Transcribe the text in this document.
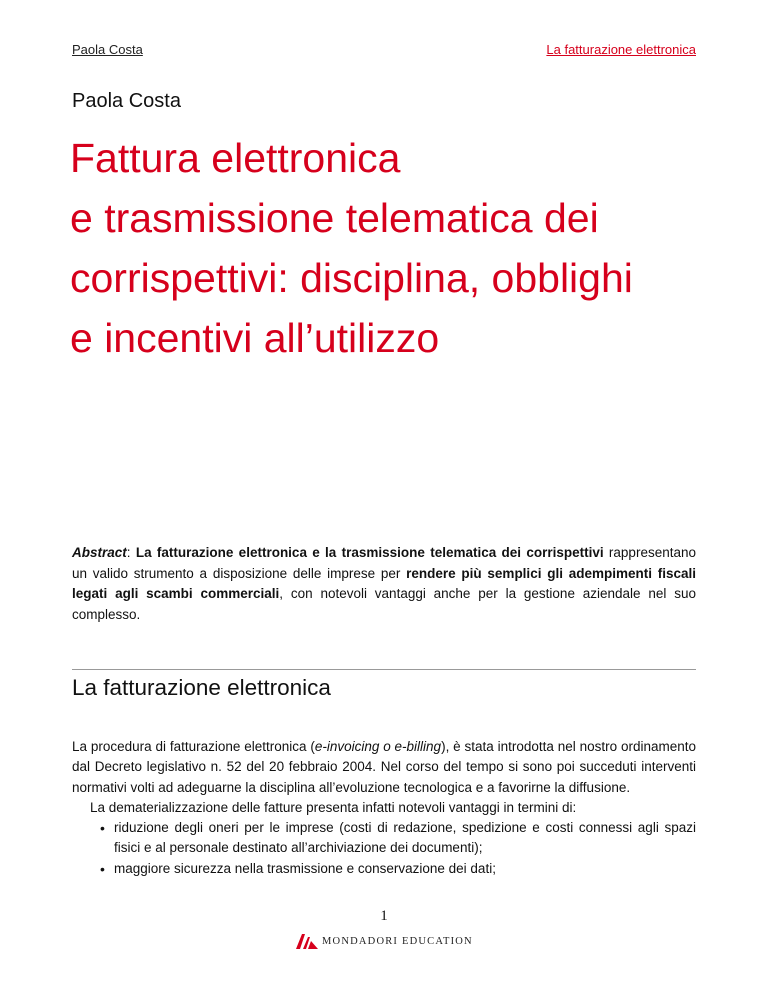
Paola Costa	La fatturazione elettronica
Paola Costa
Fattura elettronica
e trasmissione telematica dei
corrispettivi: disciplina, obblighi
e incentivi all’utilizzo
Abstract: La fatturazione elettronica e la trasmissione telematica dei corrispettivi rappresentano un valido strumento a disposizione delle imprese per rendere più semplici gli adempimenti fiscali legati agli scambi commerciali, con notevoli vantaggi anche per la gestione aziendale nel suo complesso.
La fatturazione elettronica

La procedura di fatturazione elettronica (e-invoicing o e-billing), è stata introdotta nel nostro ordinamento dal Decreto legislativo n. 52 del 20 febbraio 2004. Nel corso del tempo si sono poi succeduti interventi normativi volti ad adeguarne la disciplina all’evoluzione tecnologica e a favorirne la diffusione.

La dematerializzazione delle fatture presenta infatti notevoli vantaggi in termini di:

• riduzione degli oneri per le imprese (costi di redazione, spedizione e costi connessi agli spazi fisici e al personale destinato all’archiviazione dei documenti);
• maggiore sicurezza nella trasmissione e conservazione dei dati;
1
MONDADORI EDUCATION
